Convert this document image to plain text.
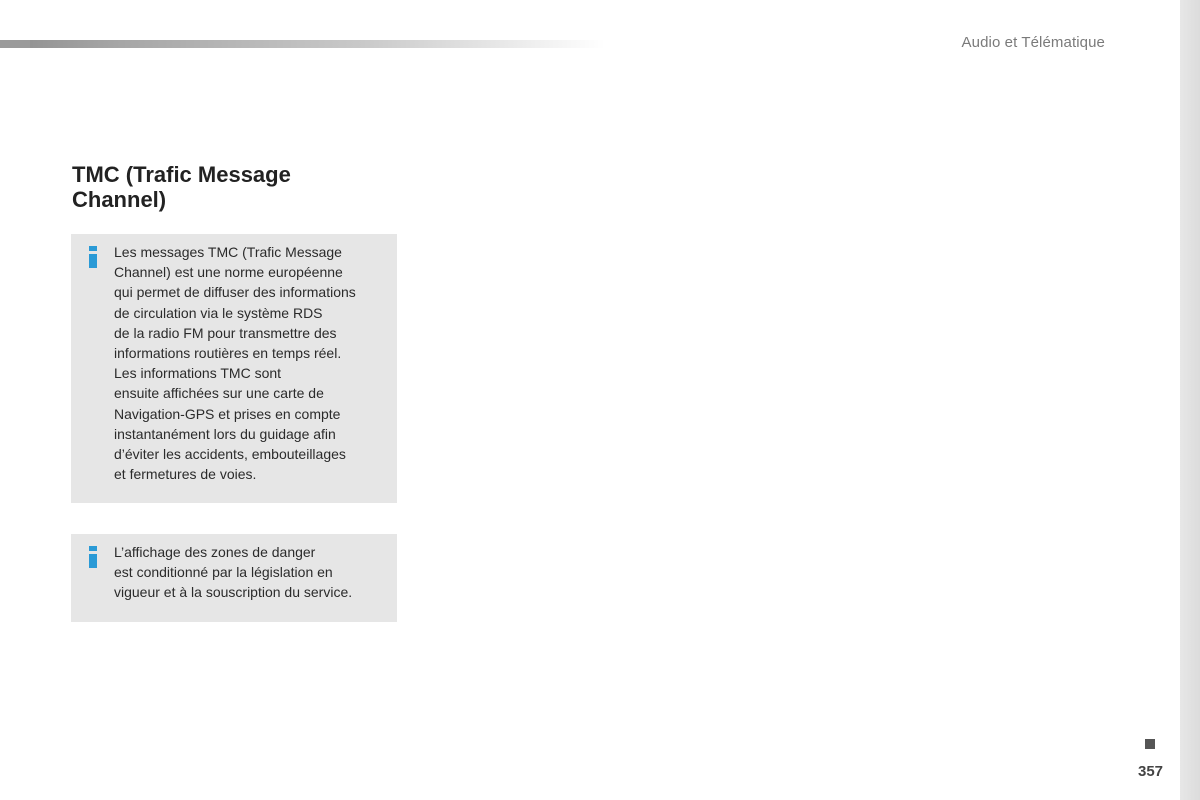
Audio et Télématique
TMC (Trafic Message
Channel)

Les messages TMC (Trafic Message
Channel) est une norme européenne
qui permet de diffuser des informations
de circulation via le système RDS
de la radio FM pour transmettre des
informations routières en temps réel.
Les informations TMC sont
ensuite affichées sur une carte de
Navigation-GPS et prises en compte
instantanément lors du guidage afin
d’éviter les accidents, embouteillages
et fermetures de voies.

L’affichage des zones de danger
est conditionné par la législation en
vigueur et à la souscription du service.

357
